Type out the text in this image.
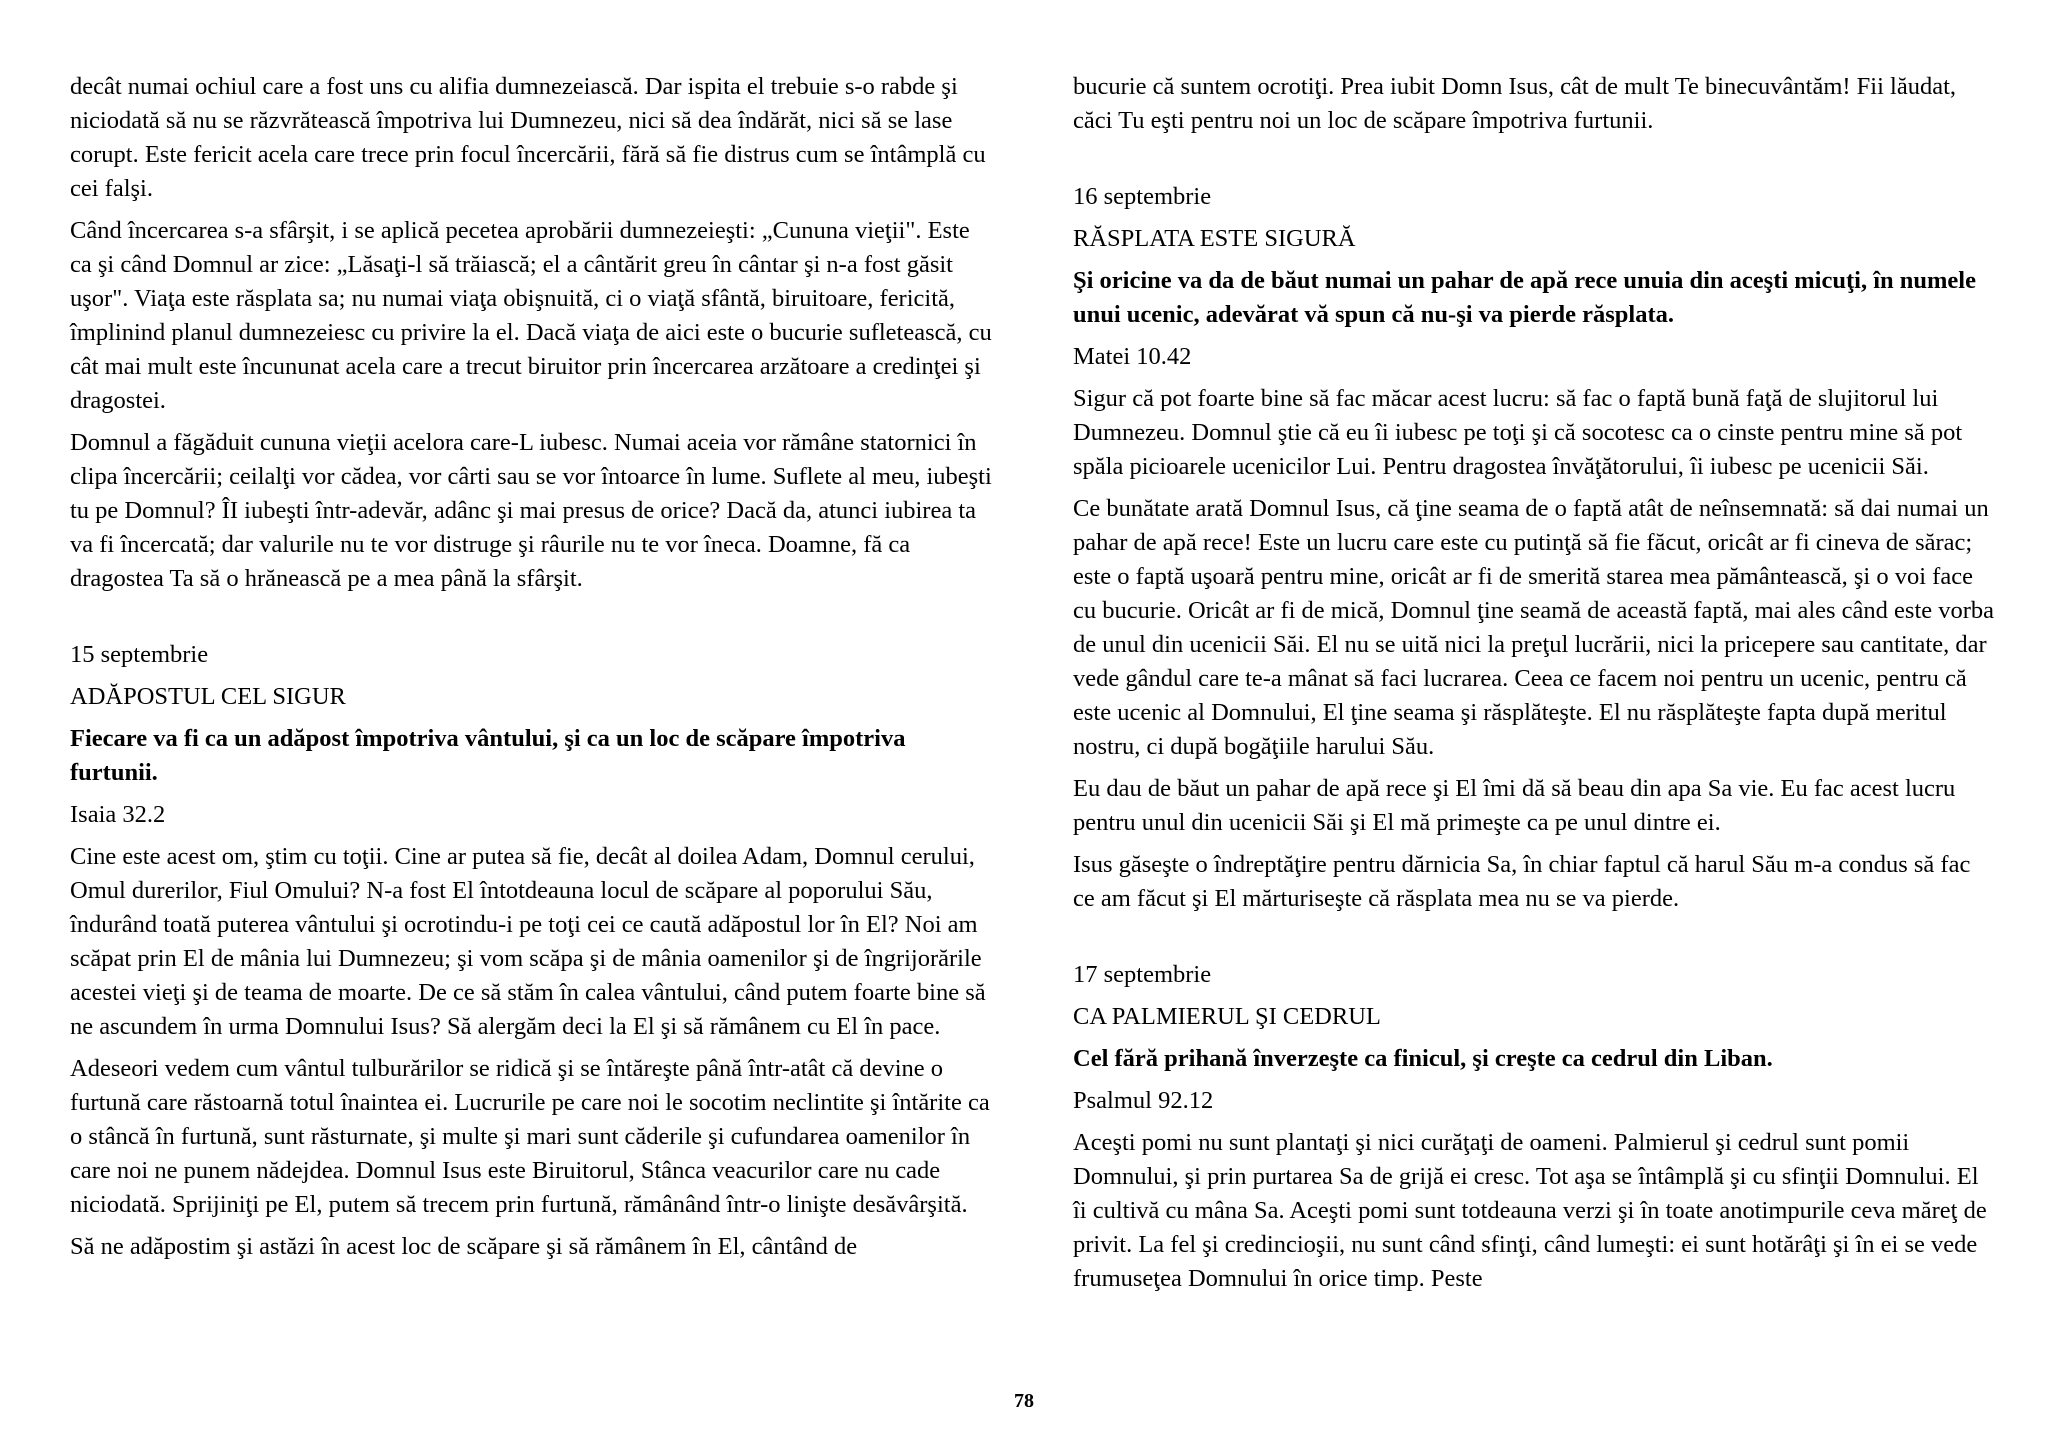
decât numai ochiul care a fost uns cu alifia dumnezeiască. Dar ispita el trebuie s-o rabde şi niciodată să nu se răzvrătească împotriva lui Dumnezeu, nici să dea îndărăt, nici să se lase corupt. Este fericit acela care trece prin focul încercării, fără să fie distrus cum se întâmplă cu cei falşi.

Când încercarea s-a sfârşit, i se aplică pecetea aprobării dumnezeieşti: „Cununa vieţii". Este ca şi când Domnul ar zice: „Lăsaţi-l să trăiască; el a cântărit greu în cântar şi n-a fost găsit uşor". Viaţa este răsplata sa; nu numai viaţa obişnuită, ci o viaţă sfântă, biruitoare, fericită, împlinind planul dumnezeiesc cu privire la el. Dacă viaţa de aici este o bucurie sufletească, cu cât mai mult este încununat acela care a trecut biruitor prin încercarea arzătoare a credinţei şi dragostei.

Domnul a făgăduit cununa vieţii acelora care-L iubesc. Numai aceia vor rămâne statornici în clipa încercării; ceilalţi vor cădea, vor cârti sau se vor întoarce în lume. Suflete al meu, iubeşti tu pe Domnul? ÎI iubeşti într-adevăr, adânc şi mai presus de orice? Dacă da, atunci iubirea ta va fi încercată; dar valurile nu te vor distruge şi râurile nu te vor îneca. Doamne, fă ca dragostea Ta să o hrănească pe a mea până la sfârşit.

15 septembrie
ADĂPOSTUL CEL SIGUR
Fiecare va fi ca un adăpost împotriva vântului, şi ca un loc de scăpare împotriva furtunii.
Isaia 32.2

Cine este acest om, ştim cu toţii. Cine ar putea să fie, decât al doilea Adam, Domnul cerului, Omul durerilor, Fiul Omului? N-a fost El întotdeauna locul de scăpare al poporului Său, îndurând toată puterea vântului şi ocrotindu-i pe toţi cei ce caută adăpostul lor în El? Noi am scăpat prin El de mânia lui Dumnezeu; şi vom scăpa şi de mânia oamenilor şi de îngrijorările acestei vieţi şi de teama de moarte. De ce să stăm în calea vântului, când putem foarte bine să ne ascundem în urma Domnului Isus? Să alergăm deci la El şi să rămânem cu El în pace.

Adeseori vedem cum vântul tulburărilor se ridică şi se întăreşte până într-atât că devine o furtună care răstoarnă totul înaintea ei. Lucrurile pe care noi le socotim neclintite şi întărite ca o stâncă în furtună, sunt răsturnate, şi multe şi mari sunt căderile şi cufundarea oamenilor în care noi ne punem nădejdea. Domnul Isus este Biruitorul, Stânca veacurilor care nu cade niciodată. Sprijiniţi pe El, putem să trecem prin furtună, rămânând într-o linişte desăvârşită.

Să ne adăpostim şi astăzi în acest loc de scăpare şi să rămânem în El, cântând de

bucurie că suntem ocrotiţi. Prea iubit Domn Isus, cât de mult Te binecuvântăm! Fii lăudat, căci Tu eşti pentru noi un loc de scăpare împotriva furtunii.

16 septembrie
RĂSPLATA ESTE SIGURĂ
Şi oricine va da de băut numai un pahar de apă rece unuia din aceşti micuţi, în numele unui ucenic, adevărat vă spun că nu-şi va pierde răsplata.
Matei 10.42

Sigur că pot foarte bine să fac măcar acest lucru: să fac o faptă bună faţă de slujitorul lui Dumnezeu. Domnul ştie că eu îi iubesc pe toţi şi că socotesc ca o cinste pentru mine să pot spăla picioarele ucenicilor Lui. Pentru dragostea învăţătorului, îi iubesc pe ucenicii Săi.

Ce bunătate arată Domnul Isus, că ţine seama de o faptă atât de neînsemnată: să dai numai un pahar de apă rece! Este un lucru care este cu putinţă să fie făcut, oricât ar fi cineva de sărac; este o faptă uşoară pentru mine, oricât ar fi de smerită starea mea pământească, şi o voi face cu bucurie. Oricât ar fi de mică, Domnul ţine seamă de această faptă, mai ales când este vorba de unul din ucenicii Săi. El nu se uită nici la preţul lucrării, nici la pricepere sau cantitate, dar vede gândul care te-a mânat să faci lucrarea. Ceea ce facem noi pentru un ucenic, pentru că este ucenic al Domnului, El ţine seama şi răsplăteşte. El nu răsplăteşte fapta după meritul nostru, ci după bogăţiile harului Său.

Eu dau de băut un pahar de apă rece şi El îmi dă să beau din apa Sa vie. Eu fac acest lucru pentru unul din ucenicii Săi şi El mă primeşte ca pe unul dintre ei.

Isus găseşte o îndreptăţire pentru dărnicia Sa, în chiar faptul că harul Său m-a condus să fac ce am făcut şi El mărturiseşte că răsplata mea nu se va pierde.

17 septembrie
CA PALMIERUL ŞI CEDRUL
Cel fără prihană înverzeşte ca finicul, şi creşte ca cedrul din Liban.
Psalmul 92.12

Aceşti pomi nu sunt plantaţi şi nici curăţaţi de oameni. Palmierul şi cedrul sunt pomii Domnului, şi prin purtarea Sa de grijă ei cresc. Tot aşa se întâmplă şi cu sfinţii Domnului. El îi cultivă cu mâna Sa. Aceşti pomi sunt totdeauna verzi şi în toate anotimpurile ceva măreţ de privit. La fel şi credincioşii, nu sunt când sfinţi, când lumeşti: ei sunt hotărâţi şi în ei se vede frumuseţea Domnului în orice timp. Peste

78
